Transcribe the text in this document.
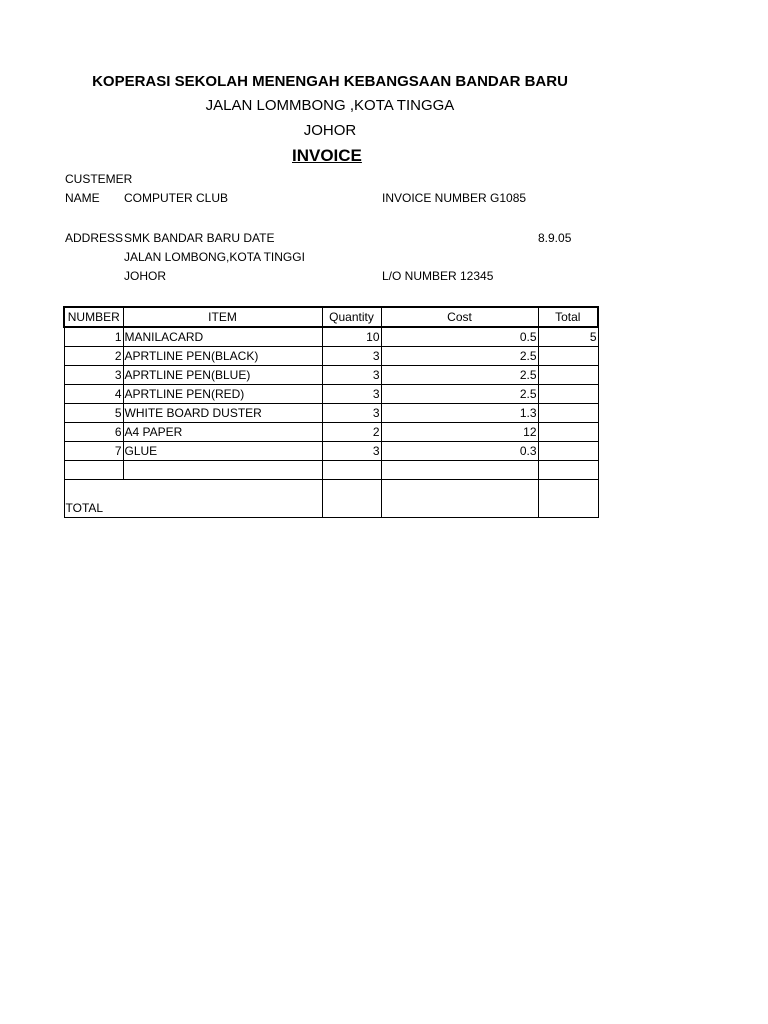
KOPERASI SEKOLAH MENENGAH KEBANGSAAN BANDAR BARU
JALAN LOMMBONG ,KOTA TINGGA
JOHOR
INVOICE
CUSTEMER
NAME COMPUTER CLUB	INVOICE NUMBER G1085
ADDRESS SMK BANDAR BARU DATE	8.9.05
JALAN LOMBONG,KOTA TINGGI
JOHOR	L/O NUMBER 12345
NUMBER	ITEM	Quantity	Cost	Total
1	MANILACARD	10	0.5	5
2	APRTLINE PEN(BLACK)	3	2.5	
3	APRTLINE PEN(BLUE)	3	2.5	
4	APRTLINE PEN(RED)	3	2.5	
5	WHITE BOARD DUSTER	3	1.3	
6	A4 PAPER	2	12	
7	GLUE	3	0.3	

TOTAL				
